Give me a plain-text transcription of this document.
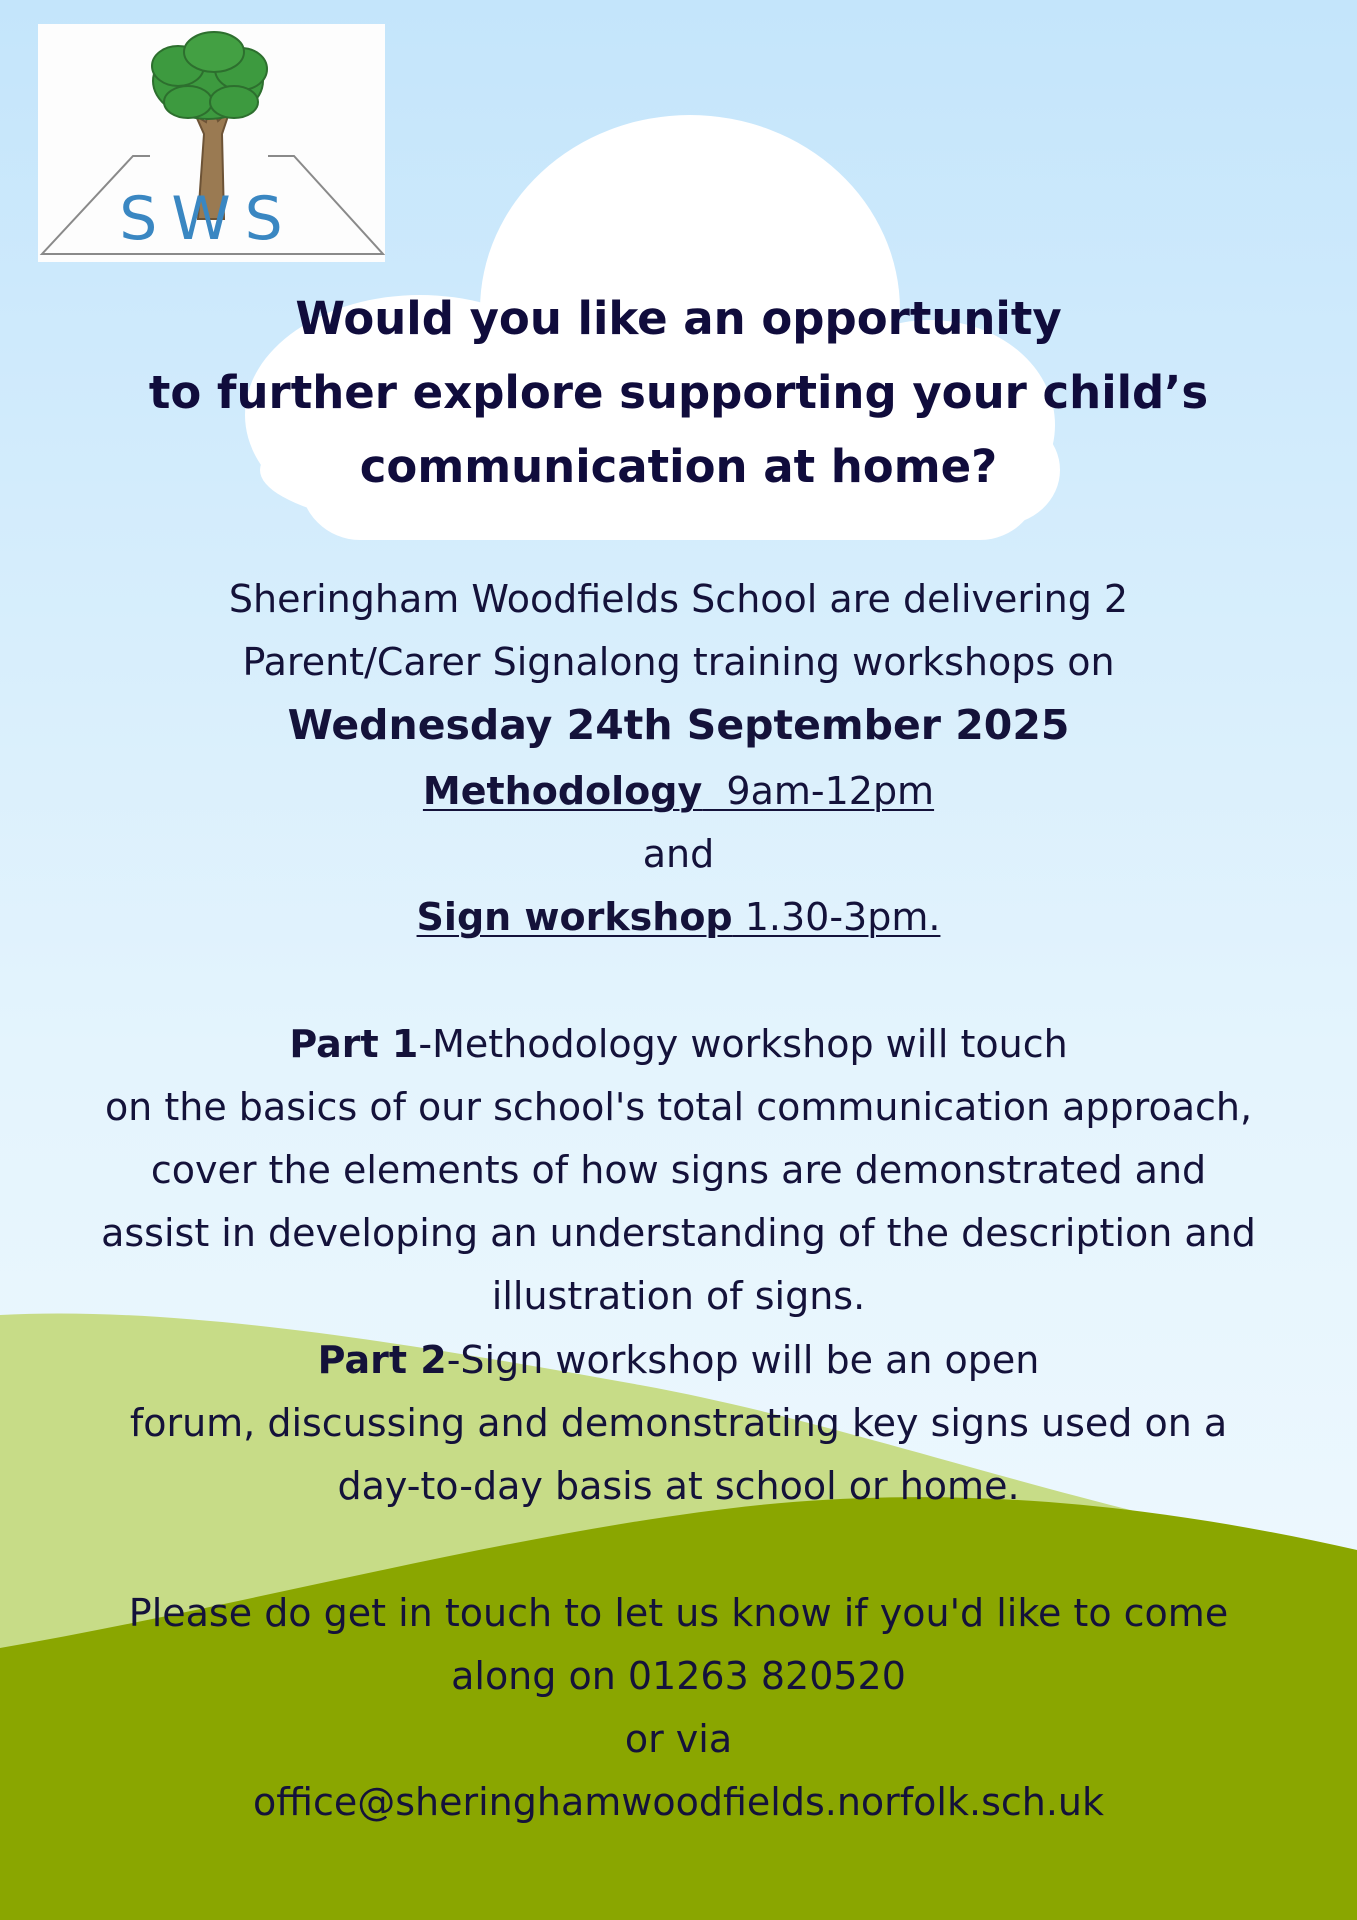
SWS
Would you like an opportunity
to further explore supporting your child’s
communication at home?
Sheringham Woodfields School are delivering 2
Parent/Carer Signalong training workshops on
Wednesday 24th September 2025
Methodology  9am-12pm
and
Sign workshop 1.30-3pm.
Part 1-Methodology workshop will touch
on the basics of our school's total communication approach,
cover the elements of how signs are demonstrated and
assist in developing an understanding of the description and
illustration of signs.
Part 2-Sign workshop will be an open
forum, discussing and demonstrating key signs used on a
day-to-day basis at school or home.
Please do get in touch to let us know if you'd like to come
along on 01263 820520
or via
office@sheringhamwoodfields.norfolk.sch.uk
